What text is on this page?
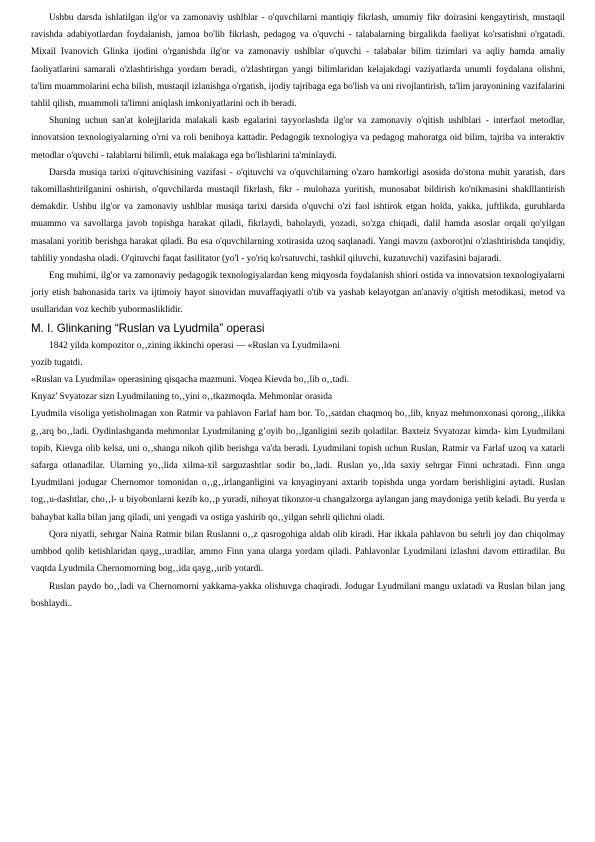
Ushbu darsda ishlatilgan ilg'or va zamonaviy ushlblar - o'quvchilarni mantiqiy fikrlash, umumiy fikr doirasini kengaytirish, mustaqil ravishda adabiyotlardan foydalanish, jamoa bo'lib fikrlash, pedagog va o'quvchi - talabalarning birgalikda faoliyat ko'rsatishni o'rgatadi. Mixail Ivanovich Glinka ijodini o'rganishda ilg'or va zamonaviy ushlblar o'quvchi - talabalar bilim tizimlari va aqliy hamda amaliy faoliyatlarini samarali o'zlashtirishga yordam beradi, o'zlashtirgan yangi bilimlaridan kelajakdagi vaziyatlarda unumli foydalana olishni, ta'lim muammolarini echa bilish, mustaqil izlanishga o'rgatish, ijodiy tajribaga ega bo'lish va uni rivojlantirish, ta'lim jarayonining vazifalarini tahlil qilish, muammoli ta'limni aniqlash imkoniyatlarini och ib beradi.

Shuning uchun san'at kolejjlarida malakali kasb egalarini tayyorlashda ilg'or va zamonaviy o'qitish ushlblari - interfaol metodlar, innovatsion texnologiyalarning o'rni va roli benihoya kattadir. Pedagogik texnologiya va pedagog mahoratga oid bilim, tajriba va interaktiv metodlar o'quvchi - talablarni bilimli, etuk malakaga ega bo'lishlarini ta'minlaydi.

Darsda musiqa tarixi o'qituvchisining vazifasi - o'qituvchi va o'quvchilarning o'zaro hamkorligi asosida do'stona muhit yaratish, dars takomillashtirilganini oshirish, o'quvchilarda mustaqil fikrlash, fikr - mulohaza yuritish, munosabat bildirish ko'nikmasini shaklllantirish demakdir. Ushbu ilg'or va zamonaviy ushlblar musiqa tarixi darsida o'quvchi o'zi faol ishtirok etgan holda, yakka, juftlikda, guruhlarda muammo va savollarga javob topishga harakat qiladi, fikrlaydi, baholaydi, yozadi, so'zga chiqadi, dalil hamda asoslar orqali qo'yilgan masalani yoritib berishga harakat qiladi. Bu esa o'quvchilarning xotirasida uzoq saqlanadi. Yangi mavzu (axborot)ni o'zlashtirishda tanqidiy, tahliliy yondasha oladi. O'qituvchi faqat fasilitator (yo'l - yo'riq ko'rsatuvchi, tashkil qiluvchi, kuzatuvchi) vazifasini bajaradi.

Eng muhimi, ilg'or va zamonaviy pedagogik texnologiyalardan keng miqyosda foydalanish shiori ostida va innovatsion texnologiyalarni joriy etish bahonasida tarix va ijtimoiy hayot sinovidan muvaffaqiyatli o'tib va yashab kelayotgan an'anaviy o'qitish metodikasi, metod va usullaridan voz kechib yubormasliklidir.

M. I. Glinkaning “Ruslan va Lyudmila” operasi

1842 yilda kompozitor o‚‚zining ikkinchi operasi — «Ruslan va Lyudmila»ni

yozib tugatdi.

«Ruslan va Lyudmila» operasining qisqacha mazmuni. Voqea Kievda bo‚‚lib o‚‚tadi.

Knyaz' Svyatozar sizn Lyudmilaning to‚‚yini o‚‚tkazmoqda. Mehmonlar orasida

Lyudmila visoliga yetisholmagan xon Ratmir va pahlavon Farlaf ham bor. To‚‚satdan chaqmoq bo‚‚lib, knyaz mehmonxonasi qorong‚‚ilikka g‚‚arq bo‚‚ladi. Oydinlashganda mehmonlar Lyudmilaning g’oyib bo‚‚lganligini sezib qoladilar. Baxteiz Svyatozar kimda- kim Lyudmilani topib, Kievga olib kelsa, uni o‚‚shanga nikoh qilib berishga va'da beradi. Lyudmilani topish uchun Ruslan, Ratmir va Farlaf uzoq va xatarli safarga otlanadilar. Ularning yo‚‚lida xilma-xil sarguzashtlar sodir bo‚‚ladi. Ruslan yo‚‚lda saxiy sehrgar Finni uchratadi. Finn unga Lyudmilani jodugar Chernomor tomonidan o‚‚g‚‚irlanganligini va knyaginyani axtarib topishda unga yordam berishligini aytadi. Ruslan tog‚‚u-dashtlar, cho‚‚l- u biyobonlarni kezib ko‚‚p yuradi, nihoyat tikonzor-u changalzorga aylangan jang maydoniga yetib keladi. Bu yerda u bahaybat kalla bilan jang qiladi, uni yengadi va ostiga yashirib qo‚‚yilgan sehrli qilichni oladi.

Qora niyatli, sehrgar Naina Ratmir bilan Ruslanni o‚‚z qasrogohiga aldab olib kiradi. Har ikkala pahlavon bu sehrli joy dan chiqolmay umbbod qolib ketishlaridan qayg‚‚uradilar, ammo Finn yana ularga yordam qiladi. Pahlavonlar Lyudmilani izlashni davom ettiradilar. Bu vaqtda Lyudmila Chernomorning bog‚‚ida qayg‚‚urib yotardi.

Ruslan paydo bo‚‚ladi va Chernomorni yakkama-yakka olishuvga chaqiradi. Jodugar Lyudmilani mangu uxlatadi va Ruslan bilan jang boshlaydi..
